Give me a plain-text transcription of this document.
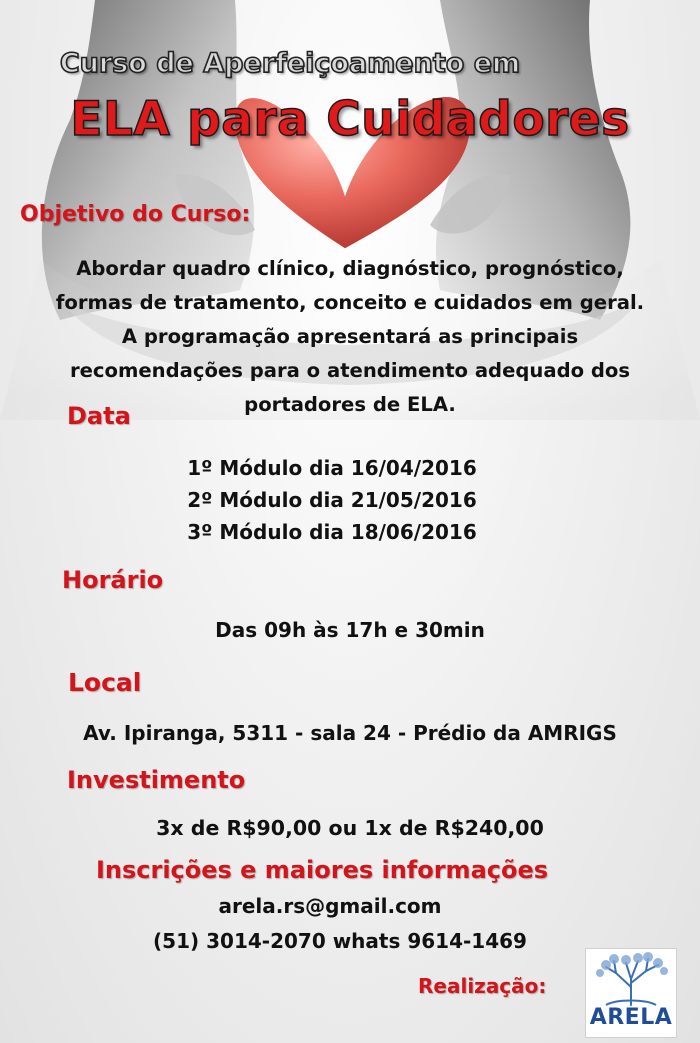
Curso de Aperfeiçoamento em
ELA para Cuidadores
Objetivo do Curso:
Abordar quadro clínico, diagnóstico, prognóstico,
formas de tratamento, conceito e cuidados em geral.
A programação apresentará as principais
recomendações para o atendimento adequado dos
portadores de ELA.
Data
1º Módulo dia 16/04/2016
2º Módulo dia 21/05/2016
3º Módulo dia 18/06/2016
Horário
Das 09h às 17h e 30min
Local
Av. Ipiranga, 5311 - sala 24 - Prédio da AMRIGS
Investimento
3x de R$90,00 ou 1x de R$240,00
Inscrições e maiores informações
arela.rs@gmail.com
(51) 3014-2070 whats 9614-1469
Realização:
ARELA
